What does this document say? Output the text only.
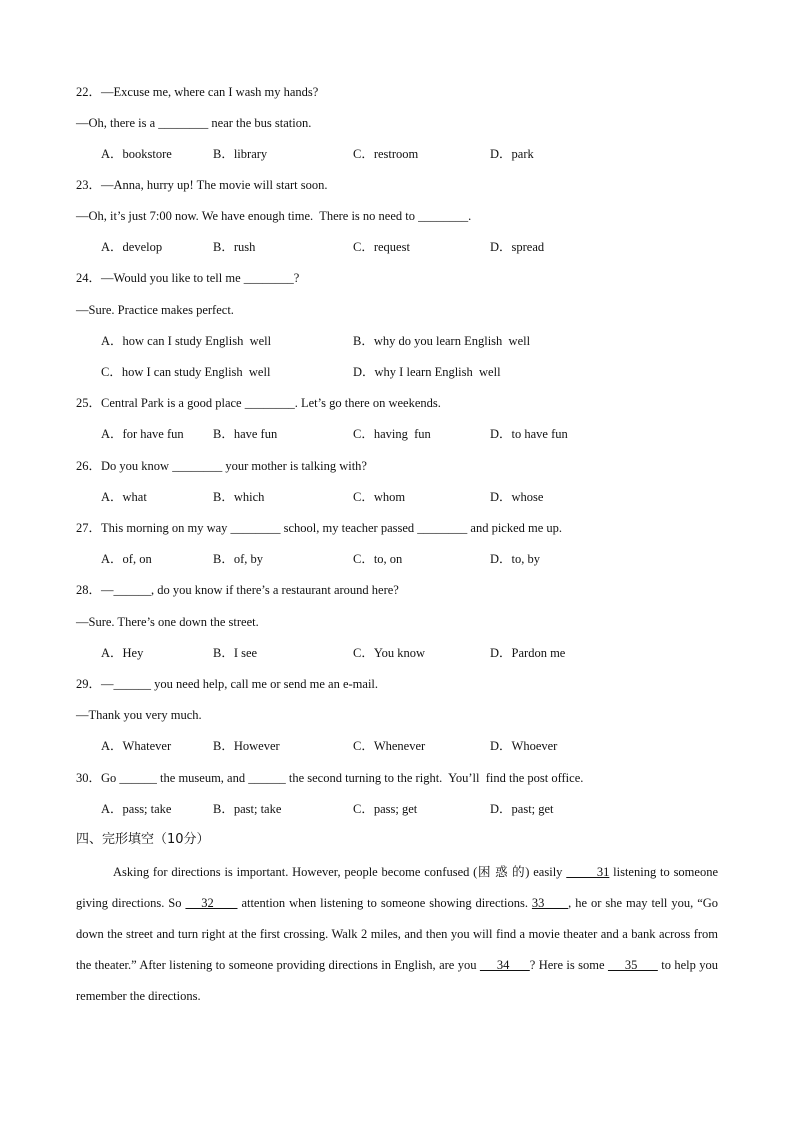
22．—Excuse me, where can I wash my hands?
—Oh, there is a ________ near the bus station.
A．bookstore	B．library	C．restroom	D．park
23．—Anna, hurry up! The movie will start soon.
—Oh, it’s just 7:00 now. We have enough time.  There is no need to ________.
A．develop	B．rush	C．request	D．spread
24．—Would you like to tell me ________?
—Sure. Practice makes perfect.
A．how can I study English  well	B．why do you learn English  well
C．how I can study English  well	D．why I learn English  well
25．Central Park is a good place ________. Let’s go there on weekends.
A．for have fun B．have fun	C．having  fun	D．to have fun
26．Do you know ________ your mother is talking with?
A．what	B．which	C．whom	D．whose
27．This morning on my way ________ school, my teacher passed ________ and picked me up.
A．of, on	B．of, by	C．to, on	D．to, by
28．—______, do you know if there’s a restaurant around here?
—Sure. There’s one down the street.
A．Hey	B．I see	C．You know	D．Pardon me
29．—______ you need help, call me or send me an e-mail.
—Thank you very much.
A．Whatever	B．However	C．Whenever	D．Whoever
30．Go ______ the museum, and ______ the second turning to the right.  You’ll  find the post office.
A．pass; take	B．past; take	C．pass; get	D．past; get
四、完形填空（10分）

Asking for directions is important. However, people become confused (困 惑 的) easily         31 listening to someone giving directions. So     32       attention when listening to someone showing directions. 33      , he or she may tell you, “Go down the street and turn right at the first crossing. Walk 2 miles, and then you will find a movie theater and a bank across from the theater.” After listening to someone providing directions in English, are you      34      ? Here is some      35       to help you remember the directions.
